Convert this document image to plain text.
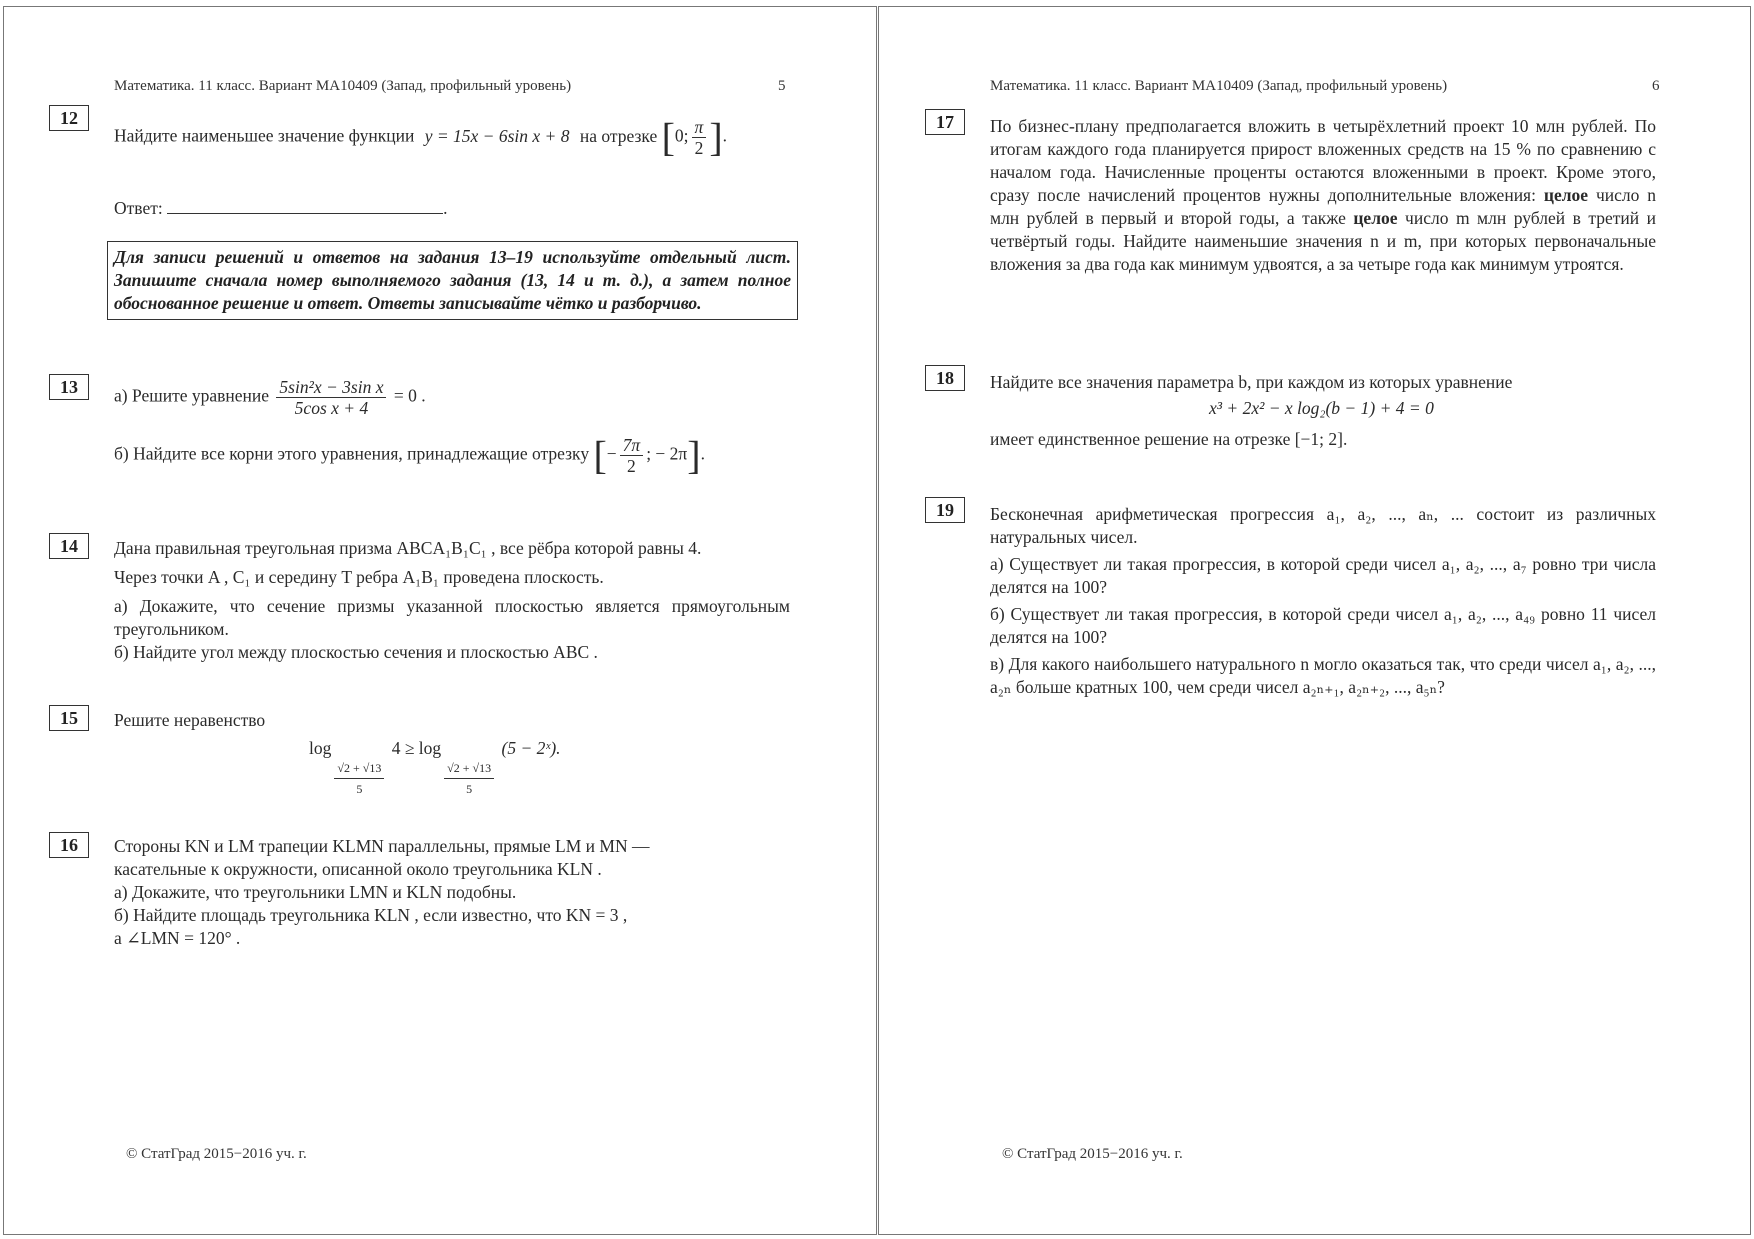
Математика. 11 класс. Вариант МА10409 (Запад, профильный уровень)	5
12
Найдите наименьшее значение функции y = 15x − 6sin x + 8 на отрезке [0; $\frac{\pi}{2}$ ].
Ответ:	.
Для записи решений и ответов на задания 13–19 используйте отдельный лист. Запишите сначала номер выполняемого задания (13, 14 и т. д.), а затем полное обоснованное решение и ответ. Ответы записывайте чётко и разборчиво.
13	а) Решите уравнение $\frac{\text{5sin²x − 3sin x}}{\text{5cos x + 4}} = 0$ .
б) Найдите все корни этого уравнения, принадлежащие отрезку [− $\frac{7\pi}{2}$ ; − 2π].
14	Дана правильная треугольная призма ABCA₁B₁C₁ , все рёбра которой равны 4.
Через точки A , C₁ и середину T ребра A₁B₁ проведена плоскость.
а) Докажите, что сечение призмы указанной плоскостью является прямоугольным треугольником.
б) Найдите угол между плоскостью сечения и плоскостью ABC .
15	Решите неравенство
log
$\frac{√2 + √13}{5}$
4 ≥ log
$\frac{√2 + √13}{5}$
(5 − 2ˣ).
16	Стороны KN и LM трапеции KLMN параллельны, прямые LM и MN —
касательные к окружности, описанной около треугольника KLN .
а) Докажите, что треугольники LMN и KLN подобны.
б) Найдите площадь треугольника KLN , если известно, что KN = 3 ,
а ∠LMN = 120° .
© СтатГрад 2015−2016 уч. г.
Математика. 11 класс. Вариант МА10409 (Запад, профильный уровень)	6
17	По бизнес-плану предполагается вложить в четырёхлетний проект 10 млн рублей. По итогам каждого года планируется прирост вложенных средств на 15 % по сравнению с началом года. Начисленные проценты остаются вложенными в проект. Кроме этого, сразу после начислений процентов нужны дополнительные вложения: целое число n млн рублей в первый и второй годы, а также целое число m млн рублей в третий и четвёртый годы. Найдите наименьшие значения n и m, при которых первоначальные вложения за два года как минимум удвоятся, а за четыре года как минимум утроятся.
18	Найдите все значения параметра b, при каждом из которых уравнение
x³ + 2x² − x log₂(b − 1) + 4 = 0
имеет единственное решение на отрезке [−1; 2].
19	Бесконечная арифметическая прогрессия a₁, a₂, ..., aₙ, ... состоит из различных натуральных чисел.
а) Существует ли такая прогрессия, в которой среди чисел a₁, a₂, ..., a₇ ровно три числа делятся на 100?
б) Существует ли такая прогрессия, в которой среди чисел a₁, a₂, ..., a₄₉ ровно 11 чисел делятся на 100?
в) Для какого наибольшего натурального n могло оказаться так, что среди чисел a₁, a₂, ..., a₂ₙ больше кратных 100, чем среди чисел a₂ₙ₊₁, a₂ₙ₊₂, ..., a₅ₙ?
© СтатГрад 2015−2016 уч. г.
